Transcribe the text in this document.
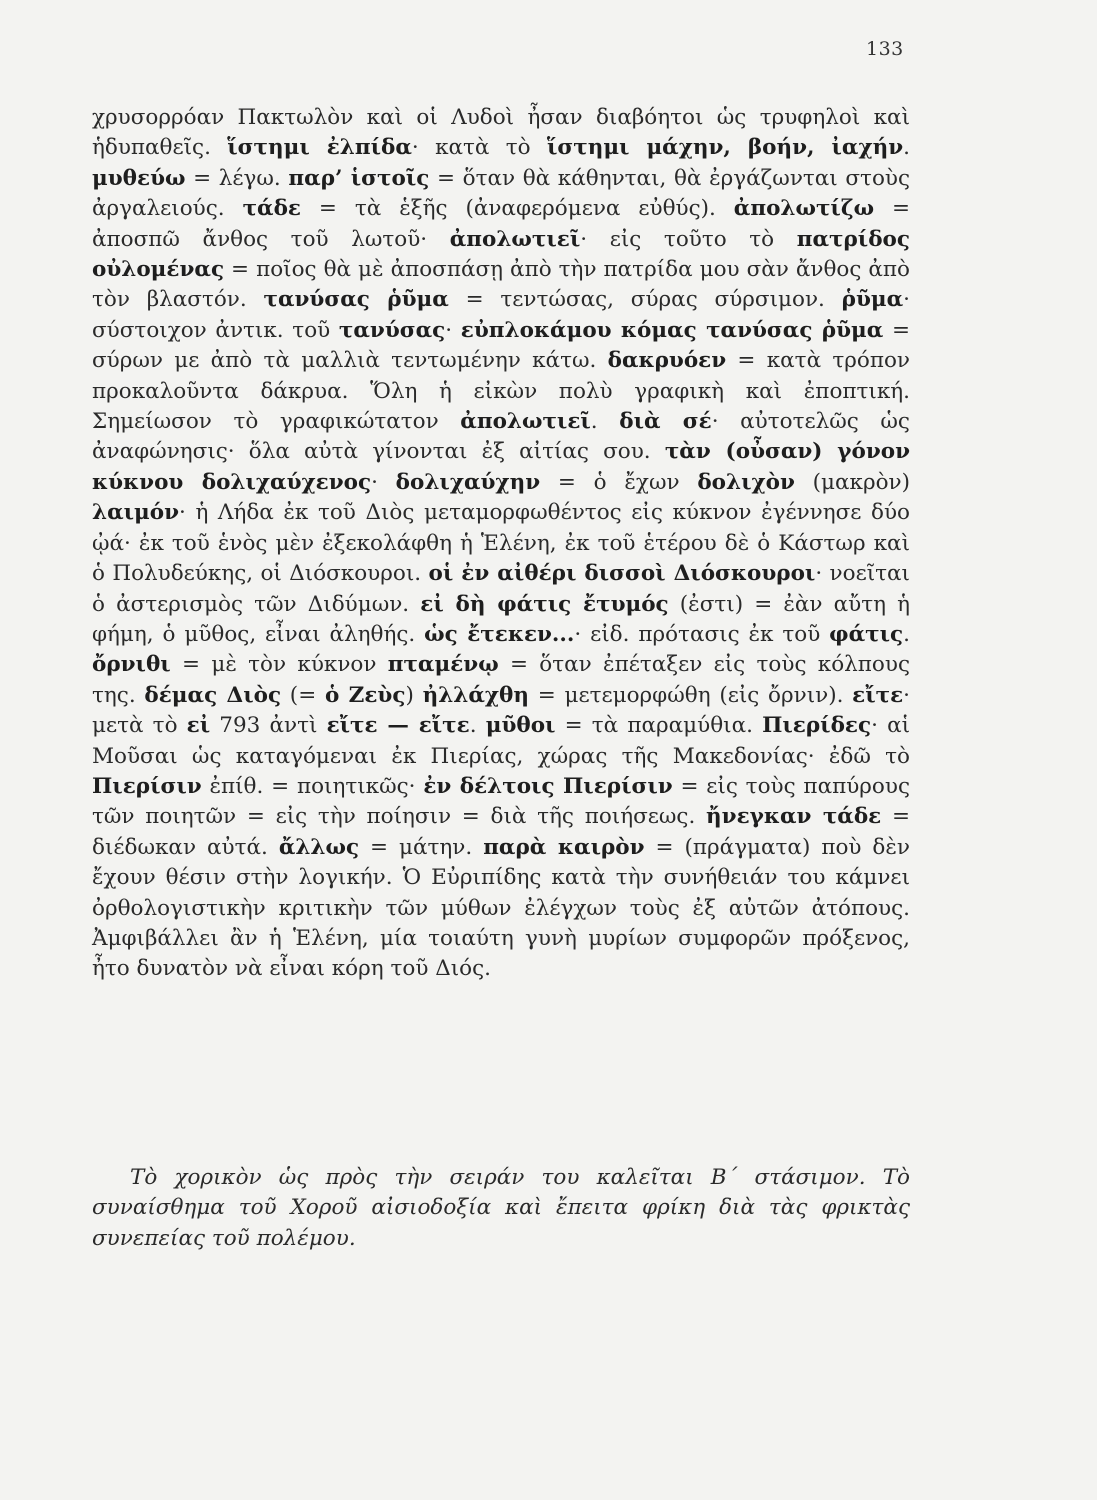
133

χρυσορρόαν Πακτωλὸν καὶ οἱ Λυδοὶ ἦσαν διαβόητοι ὡς τρυφηλοὶ καὶ ἡδυπαθεῖς. ἵστημι ἐλπίδα· κατὰ τὸ ἵστημι μάχην, βοήν, ἰαχήν. μυθεύω = λέγω. παρ’ ἱστοῖς = ὅταν θὰ κάθηνται, θὰ ἐργάζωνται στοὺς ἀργαλειούς. τάδε = τὰ ἑξῆς (ἀναφερόμενα εὐθύς). ἀπολωτίζω = ἀποσπῶ ἄνθος τοῦ λωτοῦ· ἀπολωτιεῖ· εἰς τοῦτο τὸ πατρίδος οὐλομένας = ποῖος θὰ μὲ ἀποσπάσῃ ἀπὸ τὴν πατρίδα μου σὰν ἄνθος ἀπὸ τὸν βλαστόν. τανύσας ῥῦμα = τεντώσας, σύρας σύρσιμον. ῥῦμα· σύστοιχον ἀντικ. τοῦ τανύσας· εὐπλοκάμου κόμας τανύσας ῥῦμα = σύρων με ἀπὸ τὰ μαλλιὰ τεντωμένην κάτω. δακρυόεν = κατὰ τρόπον προκαλοῦντα δάκρυα. Ὅλη ἡ εἰκὼν πολὺ γραφικὴ καὶ ἐποπτική. Σημείωσον τὸ γραφικώτατον ἀπολωτιεῖ. διὰ σέ· αὐτοτελῶς ὡς ἀναφώνησις· ὅλα αὐτὰ γίνονται ἐξ αἰτίας σου. τὰν (οὖσαν) γόνον κύκνου δολιχαύχενος· δολιχαύχην = ὁ ἔχων δολιχὸν (μακρὸν) λαιμόν· ἡ Λήδα ἐκ τοῦ Διὸς μεταμορφωθέντος εἰς κύκνον ἐγέννησε δύο ᾠά· ἐκ τοῦ ἑνὸς μὲν ἐξεκολάφθη ἡ Ἑλένη, ἐκ τοῦ ἑτέρου δὲ ὁ Κάστωρ καὶ ὁ Πολυδεύκης, οἱ Διόσκουροι. οἱ ἐν αἰθέρι δισσοὶ Διόσκουροι· νοεῖται ὁ ἀστερισμὸς τῶν Διδύμων. εἰ δὴ φάτις ἔτυμός (ἐστι) = ἐὰν αὔτη ἡ φήμη, ὁ μῦθος, εἶναι ἀληθής. ὡς ἔτεκεν...· εἰδ. πρότασις ἐκ τοῦ φάτις. ὄρνιθι = μὲ τὸν κύκνον πταμένῳ = ὅταν ἐπέταξεν εἰς τοὺς κόλπους της. δέμας Διὸς (= ὁ Ζεὺς) ἠλλάχθη = μετεμορφώθη (εἰς ὄρνιν). εἴτε· μετὰ τὸ εἰ 793 ἀντὶ εἴτε — εἴτε. μῦθοι = τὰ παραμύθια. Πιερίδες· αἱ Μοῦσαι ὡς καταγόμεναι ἐκ Πιερίας, χώρας τῆς Μακεδονίας· ἐδῶ τὸ Πιερίσιν ἐπίθ. = ποιητικῶς· ἐν δέλτοις Πιερίσιν = εἰς τοὺς παπύρους τῶν ποιητῶν = εἰς τὴν ποίησιν = διὰ τῆς ποιήσεως. ἤνεγκαν τάδε = διέδωκαν αὐτά. ἄλλως = μάτην. παρὰ καιρὸν = (πράγματα) ποὺ δὲν ἔχουν θέσιν στὴν λογικήν. Ὁ Εὐριπίδης κατὰ τὴν συνήθειάν του κάμνει ὀρθολογιστικὴν κριτικὴν τῶν μύθων ἐλέγχων τοὺς ἐξ αὐτῶν ἀτόπους. Ἀμφιβάλλει ἂν ἡ Ἑλένη, μία τοιαύτη γυνὴ μυρίων συμφορῶν πρόξενος, ἦτο δυνατὸν νὰ εἶναι κόρη τοῦ Διός.

Τὸ χορικὸν ὡς πρὸς τὴν σειράν του καλεῖται Β΄ στάσιμον. Τὸ συναίσθημα τοῦ Χοροῦ αἰσιοδοξία καὶ ἔπειτα φρίκη διὰ τὰς φρικτὰς συνεπείας τοῦ πολέμου.
